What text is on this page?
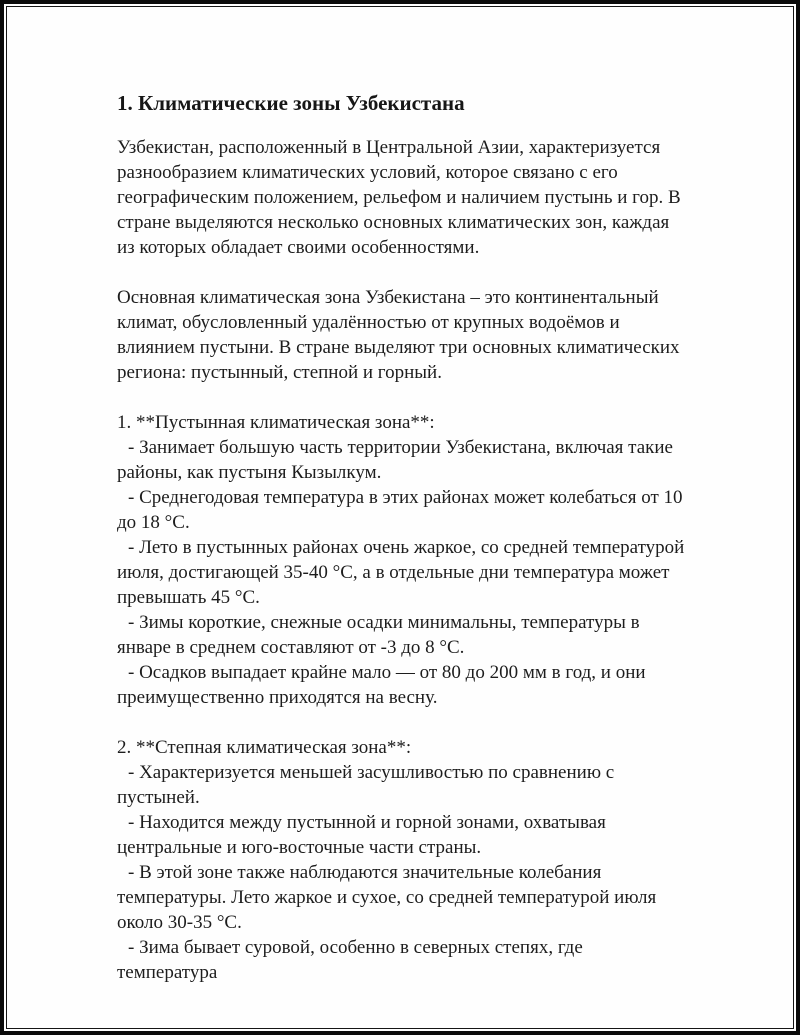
1. Климатические зоны Узбекистана

Узбекистан, расположенный в Центральной Азии, характеризуется разнообразием климатических условий, которое связано с его географическим положением, рельефом и наличием пустынь и гор. В стране выделяются несколько основных климатических зон, каждая из которых обладает своими особенностями.

Основная климатическая зона Узбекистана – это континентальный климат, обусловленный удалённостью от крупных водоёмов и влиянием пустыни. В стране выделяют три основных климатических региона: пустынный, степной и горный.

1. **Пустынная климатическая зона**:

- Занимает большую часть территории Узбекистана, включая такие районы, как пустыня Кызылкум.

- Среднегодовая температура в этих районах может колебаться от 10 до 18 °C.

- Лето в пустынных районах очень жаркое, со средней температурой июля, достигающей 35-40 °C, а в отдельные дни температура может превышать 45 °C.

- Зимы короткие, снежные осадки минимальны, температуры в январе в среднем составляют от -3 до 8 °C.

- Осадков выпадает крайне мало — от 80 до 200 мм в год, и они преимущественно приходятся на весну.

2. **Степная климатическая зона**:

- Характеризуется меньшей засушливостью по сравнению с пустыней.

- Находится между пустынной и горной зонами, охватывая центральные и юго-восточные части страны.

- В этой зоне также наблюдаются значительные колебания температуры. Лето жаркое и сухое, со средней температурой июля около 30-35 °C.

- Зима бывает суровой, особенно в северных степях, где температура
